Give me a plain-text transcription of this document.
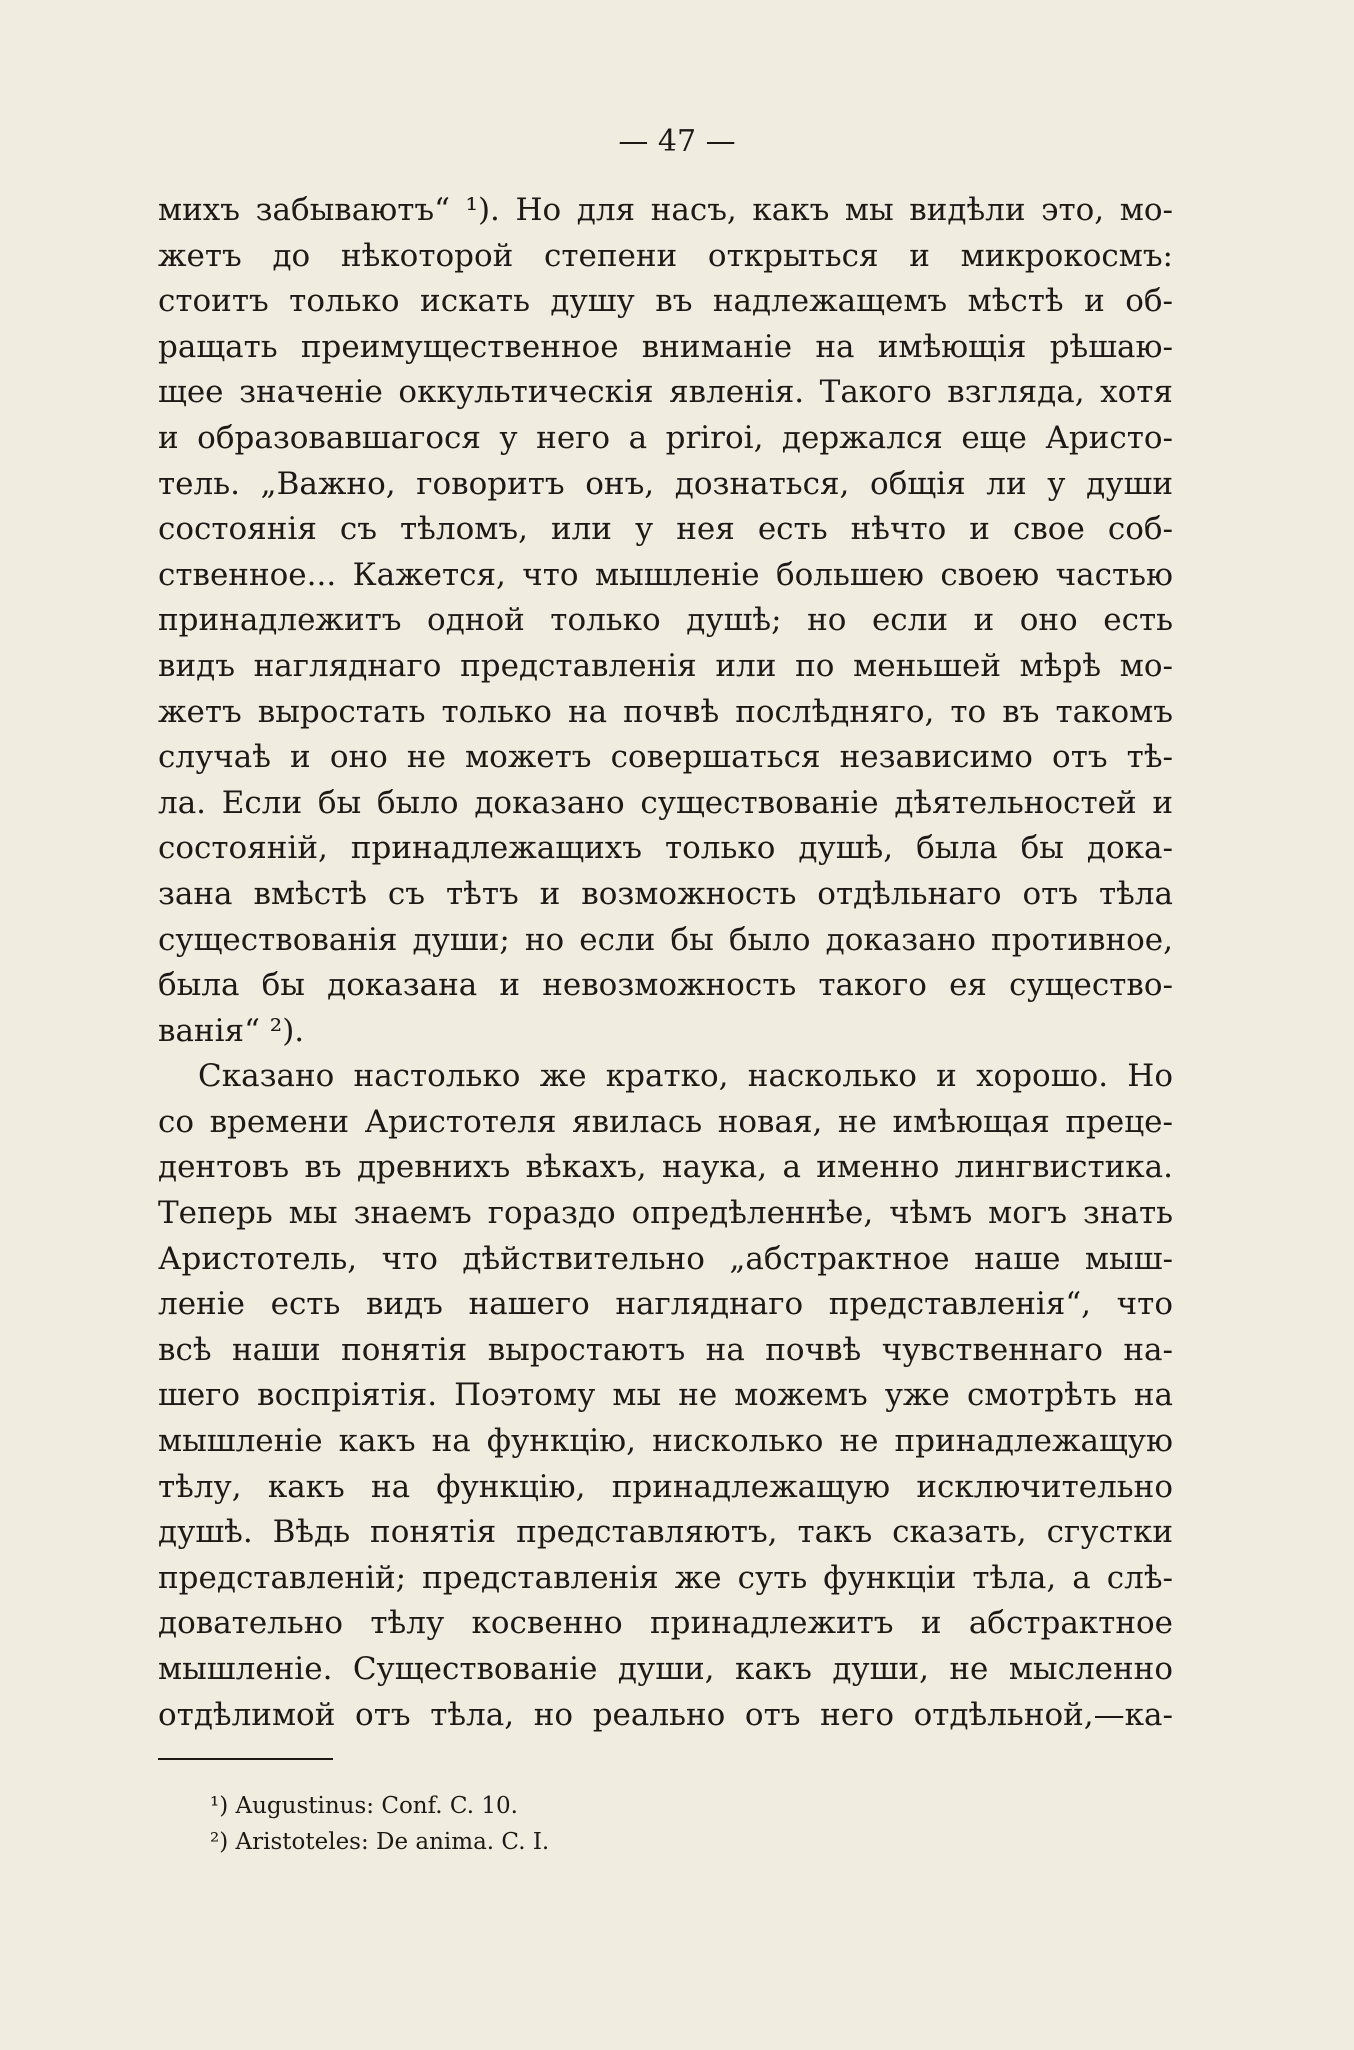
— 47 —
михъ забываютъ“ ¹). Но для насъ, какъ мы видѣли это, мо-
жетъ до нѣкоторой степени открыться и микрокосмъ:
стоитъ только искать душу въ надлежащемъ мѣстѣ и об-
ращать преимущественное вниманіе на имѣющія рѣшаю-
щее значеніе оккультическія явленія. Такого взгляда, хотя
и образовавшагося у него a priroi, держался еще Аристо-
тель. „Важно, говоритъ онъ, дознаться, общія ли у души
состоянія съ тѣломъ, или у нея есть нѣчто и свое соб-
ственное... Кажется, что мышленіе большею своею частью
принадлежитъ одной только душѣ; но если и оно есть
видъ нагляднаго представленія или по меньшей мѣрѣ мо-
жетъ выростать только на почвѣ послѣдняго, то въ такомъ
случаѣ и оно не можетъ совершаться независимо отъ тѣ-
ла. Если бы было доказано существованіе дѣятельностей и
состояній, принадлежащихъ только душѣ, была бы дока-
зана вмѣстѣ съ тѣтъ и возможность отдѣльнаго отъ тѣла
существованія души; но если бы было доказано противное,
была бы доказана и невозможность такого ея существо-
ванія“ ²).
Сказано настолько же кратко, насколько и хорошо. Но
со времени Аристотеля явилась новая, не имѣющая преце-
дентовъ въ древнихъ вѣкахъ, наука, а именно лингвистика.
Теперь мы знаемъ гораздо опредѣленнѣе, чѣмъ могъ знать
Аристотель, что дѣйствительно „абстрактное наше мыш-
леніе есть видъ нашего нагляднаго представленія“, что
всѣ наши понятія выростаютъ на почвѣ чувственнаго на-
шего воспріятія. Поэтому мы не можемъ уже смотрѣть на
мышленіе какъ на функцію, нисколько не принадлежащую
тѣлу, какъ на функцію, принадлежащую исключительно
душѣ. Вѣдь понятія представляютъ, такъ сказать, сгустки
представленій; представленія же суть функціи тѣла, а слѣ-
довательно тѣлу косвенно принадлежитъ и абстрактное
мышленіе. Существованіе души, какъ души, не мысленно
отдѣлимой отъ тѣла, но реально отъ него отдѣльной,—ка-
¹) Augustinus: Conf. C. 10.
²) Aristoteles: De anima. C. I.
